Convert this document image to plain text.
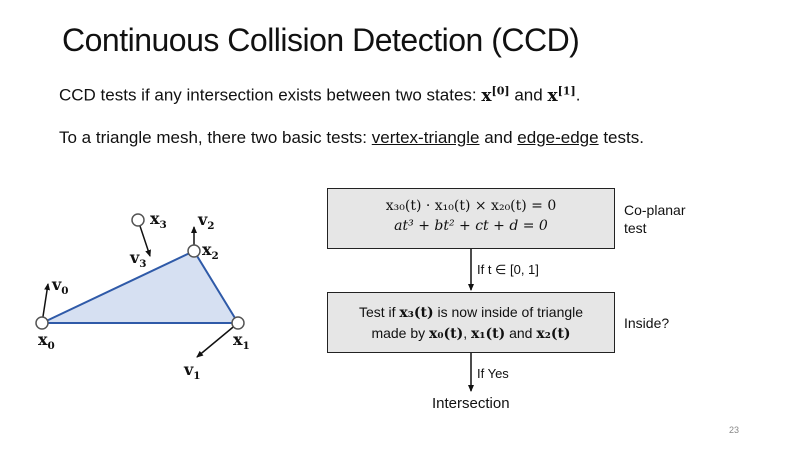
Continuous Collision Detection (CCD)
CCD tests if any intersection exists between two states: x[0] and x[1].
To a triangle mesh, there two basic tests: vertex-triangle and edge-edge tests.
$x_0$	$x_1$
$x_2$
$x_3$
$v_0$
$v_1$
$v_2$
$v_3$
x₃₀(t) · x₁₀(t) × x₂₀(t) = 0
at³ + bt² + ct + d = 0
Co-planar
test
If t ∈ [0, 1]
Test if x₃(t) is now inside of triangle
made by x₀(t), x₁(t) and x₂(t)
Inside?
If Yes
Intersection
23
